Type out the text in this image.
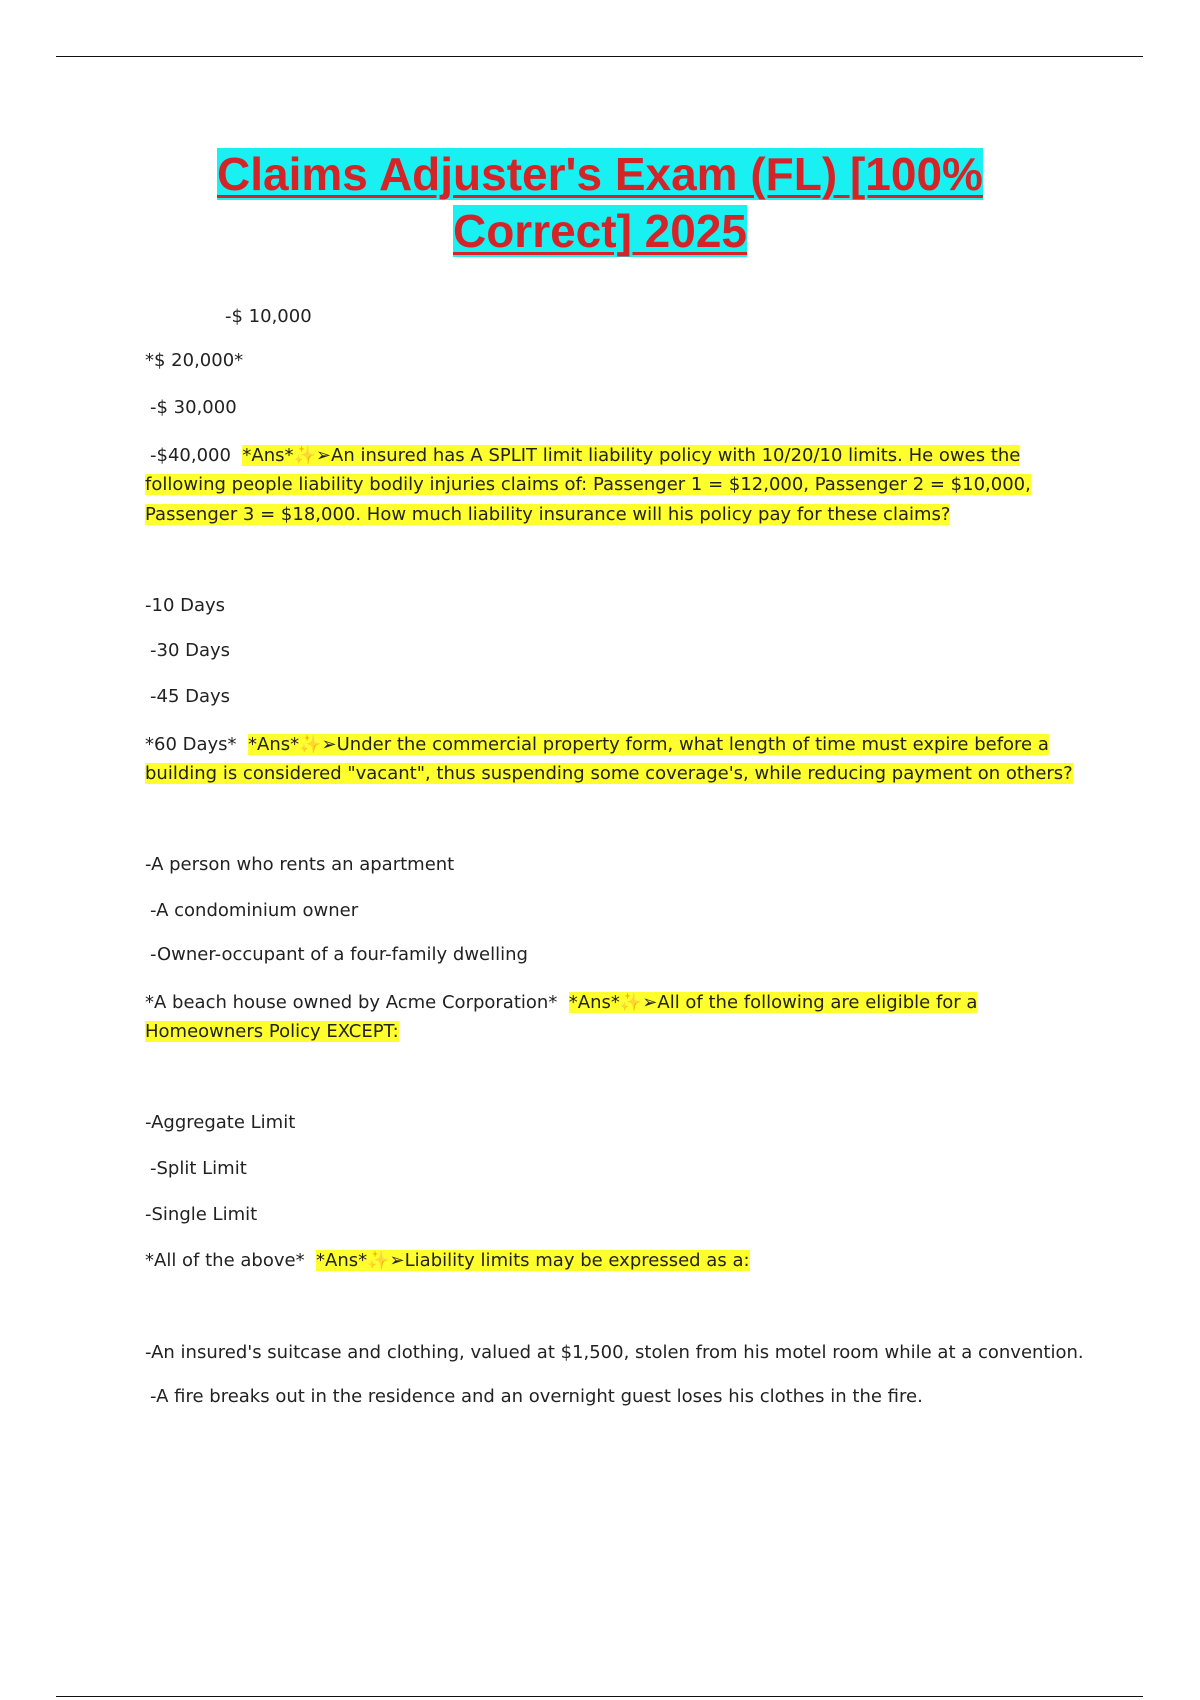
Claims Adjuster's Exam (FL) [100%
Correct] 2025
-$ 10,000
*$ 20,000*
-$ 30,000
-$40,000 *Ans*✨➢An insured has A SPLIT limit liability policy with 10/20/10 limits. He owes the
following people liability bodily injuries claims of: Passenger 1 = $12,000, Passenger 2 = $10,000,
Passenger 3 = $18,000. How much liability insurance will his policy pay for these claims?
-10 Days
-30 Days
-45 Days
*60 Days* *Ans*✨➢Under the commercial property form, what length of time must expire before a
building is considered "vacant", thus suspending some coverage's, while reducing payment on others?
-A person who rents an apartment
-A condominium owner
-Owner-occupant of a four-family dwelling
*A beach house owned by Acme Corporation* *Ans*✨➢All of the following are eligible for a
Homeowners Policy EXCEPT:
-Aggregate Limit
-Split Limit
-Single Limit
*All of the above* *Ans*✨➢Liability limits may be expressed as a:
-An insured's suitcase and clothing, valued at $1,500, stolen from his motel room while at a convention.
-A fire breaks out in the residence and an overnight guest loses his clothes in the fire.
